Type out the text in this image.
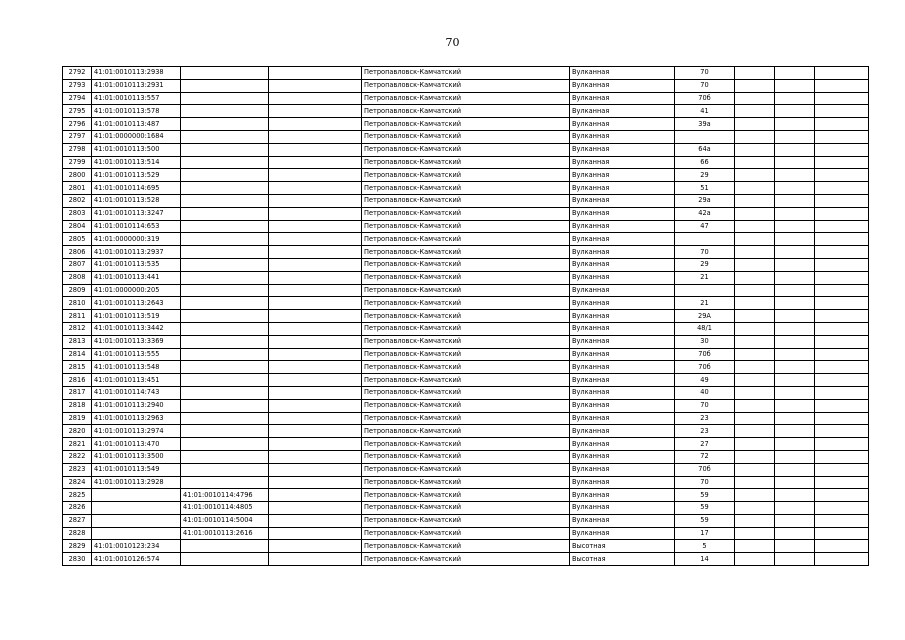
70
2792	41:01:0010113:2938			Петропавловск-Камчатский	Вулканная	70			
2793	41:01:0010113:2931			Петропавловск-Камчатский	Вулканная	70			
2794	41:01:0010113:557			Петропавловск-Камчатский	Вулканная	70б			
2795	41:01:0010113:578			Петропавловск-Камчатский	Вулканная	41			
2796	41:01:0010113:487			Петропавловск-Камчатский	Вулканная	39а			
2797	41:01:0000000:1684			Петропавловск-Камчатский	Вулканная				
2798	41:01:0010113:500			Петропавловск-Камчатский	Вулканная	64а			
2799	41:01:0010113:514			Петропавловск-Камчатский	Вулканная	66			
2800	41:01:0010113:529			Петропавловск-Камчатский	Вулканная	29			
2801	41:01:0010114:695			Петропавловск-Камчатский	Вулканная	51			
2802	41:01:0010113:528			Петропавловск-Камчатский	Вулканная	29а			
2803	41:01:0010113:3247			Петропавловск-Камчатский	Вулканная	42а			
2804	41:01:0010114:653			Петропавловск-Камчатский	Вулканная	47			
2805	41:01:0000000:319			Петропавловск-Камчатский	Вулканная				
2806	41:01:0010113:2937			Петропавловск-Камчатский	Вулканная	70			
2807	41:01:0010113:535			Петропавловск-Камчатский	Вулканная	29			
2808	41:01:0010113:441			Петропавловск-Камчатский	Вулканная	21			
2809	41:01:0000000:205			Петропавловск-Камчатский	Вулканная				
2810	41:01:0010113:2643			Петропавловск-Камчатский	Вулканная	21			
2811	41:01:0010113:519			Петропавловск-Камчатский	Вулканная	29А			
2812	41:01:0010113:3442			Петропавловск-Камчатский	Вулканная	48/1			
2813	41:01:0010113:3369			Петропавловск-Камчатский	Вулканная	30			
2814	41:01:0010113:555			Петропавловск-Камчатский	Вулканная	70б			
2815	41:01:0010113:548			Петропавловск-Камчатский	Вулканная	70б			
2816	41:01:0010113:451			Петропавловск-Камчатский	Вулканная	49			
2817	41:01:0010114:743			Петропавловск-Камчатский	Вулканная	40			
2818	41:01:0010113:2940			Петропавловск-Камчатский	Вулканная	70			
2819	41:01:0010113:2963			Петропавловск-Камчатский	Вулканная	23			
2820	41:01:0010113:2974			Петропавловск-Камчатский	Вулканная	23			
2821	41:01:0010113:470			Петропавловск-Камчатский	Вулканная	27			
2822	41:01:0010113:3500			Петропавловск-Камчатский	Вулканная	72			
2823	41:01:0010113:549			Петропавловск-Камчатский	Вулканная	70б			
2824	41:01:0010113:2928			Петропавловск-Камчатский	Вулканная	70			
2825		41:01:0010114:4796		Петропавловск-Камчатский	Вулканная	59			
2826		41:01:0010114:4805		Петропавловск-Камчатский	Вулканная	59			
2827		41:01:0010114:5004		Петропавловск-Камчатский	Вулканная	59			
2828		41:01:0010113:2616		Петропавловск-Камчатский	Вулканная	17			
2829	41:01:0010123:234			Петропавловск-Камчатский	Высотная	5			
2830	41:01:0010126:574			Петропавловск-Камчатский	Высотная	14			
